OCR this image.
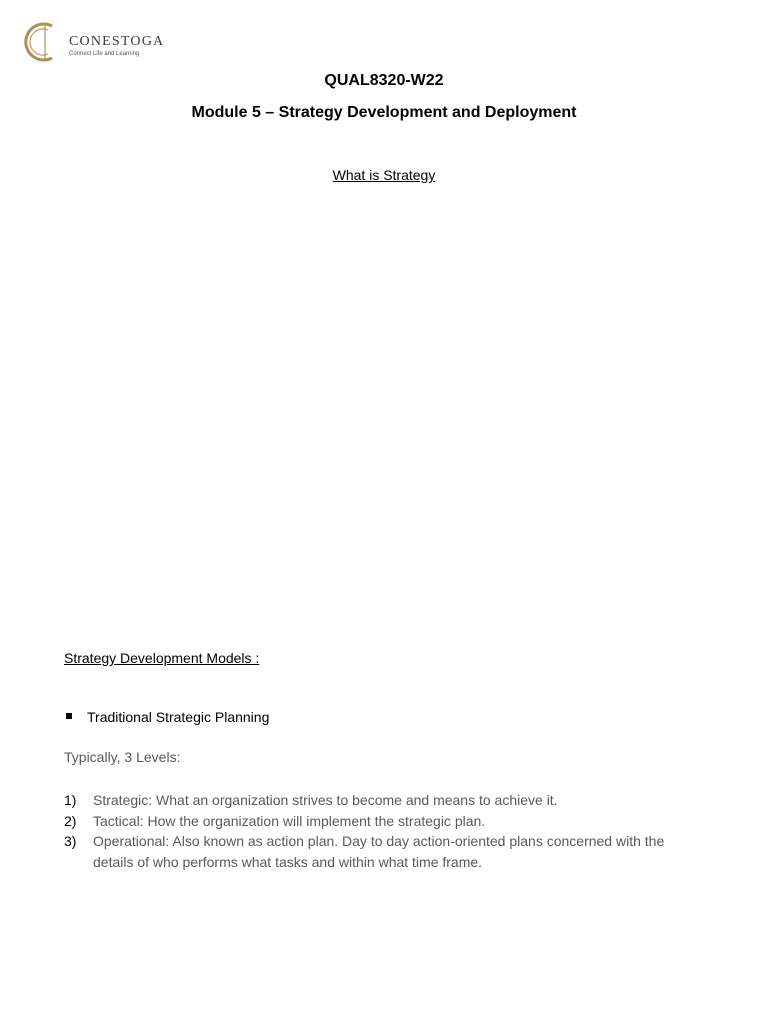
CONESTOGA
Connect Life and Learning
QUAL8320-W22
Module 5 – Strategy Development and Deployment
What is Strategy
Strategy Development Models :
Traditional Strategic Planning
Typically, 3 Levels:
1) Strategic: What an organization strives to become and means to achieve it.
2) Tactical: How the organization will implement the strategic plan.
3) Operational: Also known as action plan. Day to day action-oriented plans concerned with the details of who performs what tasks and within what time frame.
